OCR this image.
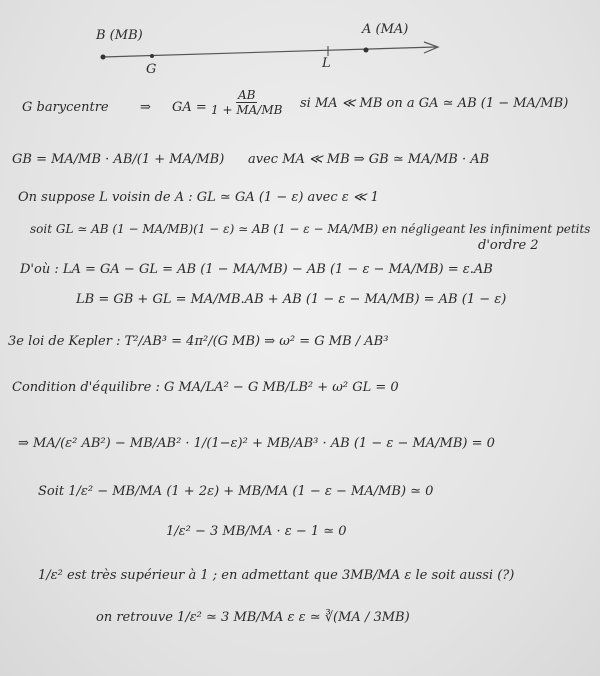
B (MB)	A (MA)
G	L
G barycentre ⇒ GA = $\frac{AB}{1 + MA/MB}$ si MA ≪ MB on a GA ≃ AB (1 − MA/MB)
GB = MA/MB · AB/(1 + MA/MB) avec MA ≪ MB ⇒ GB ≃ MA/MB · AB
On suppose L voisin de A : GL ≃ GA (1 − ε) avec ε ≪ 1
soit GL ≃ AB (1 − MA/MB)(1 − ε) ≃ AB (1 − ε − MA/MB) en négligeant les infiniment petits
d'ordre 2
D'où : LA = GA − GL = AB (1 − MA/MB) − AB (1 − ε − MA/MB) = ε.AB
LB = GB + GL = MA/MB.AB + AB (1 − ε − MA/MB) = AB (1 − ε)
3e loi de Kepler : T²/AB³ = 4π²/(G MB) ⇒ ω² = G MB / AB³
Condition d'équilibre : G MA/LA² − G MB/LB² + ω² GL = 0
⇒ MA/(ε² AB²) − MB/AB² · 1/(1−ε)² + MB/AB³ · AB (1 − ε − MA/MB) = 0
Soit 1/ε² − MB/MA (1 + 2ε) + MB/MA (1 − ε − MA/MB) ≃ 0
1/ε² − 3 MB/MA · ε − 1 ≃ 0
1/ε² est très supérieur à 1 ; en admettant que 3MB/MA ε le soit aussi (?)
on retrouve 1/ε² ≃ 3 MB/MA ε ε ≃ ∛(MA / 3MB)
